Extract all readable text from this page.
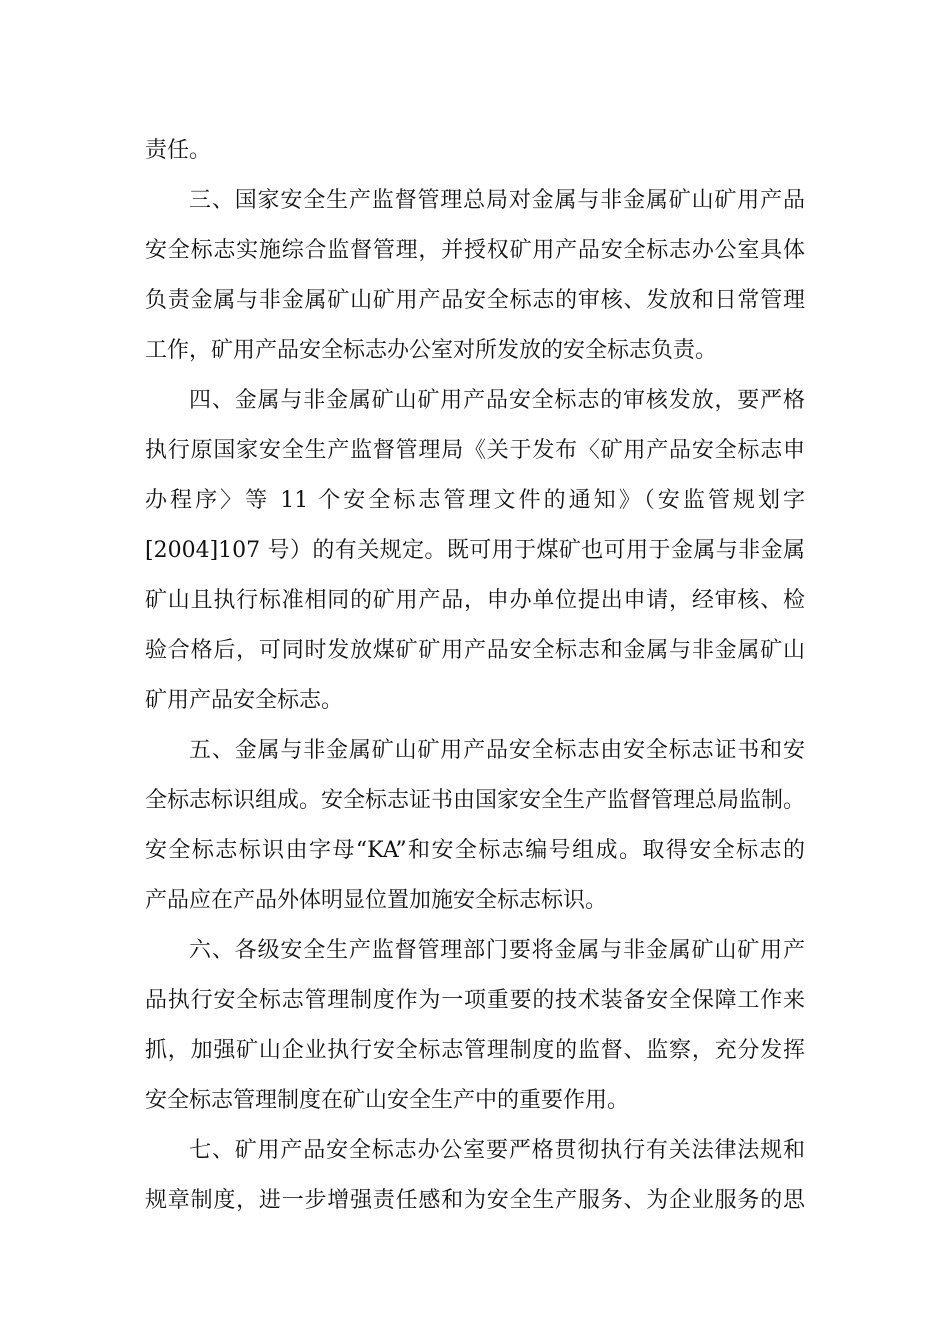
责任。
三、国家安全生产监督管理总局对金属与非金属矿山矿用产品
安全标志实施综合监督管理，并授权矿用产品安全标志办公室具体
负责金属与非金属矿山矿用产品安全标志的审核、发放和日常管理
工作，矿用产品安全标志办公室对所发放的安全标志负责。
四、金属与非金属矿山矿用产品安全标志的审核发放，要严格
执行原国家安全生产监督管理局《关于发布〈矿用产品安全标志申
办程序〉等 11 个安全标志管理文件的通知》（安监管规划字
[2004]107 号）的有关规定。既可用于煤矿也可用于金属与非金属
矿山且执行标准相同的矿用产品，申办单位提出申请，经审核、检
验合格后，可同时发放煤矿矿用产品安全标志和金属与非金属矿山
矿用产品安全标志。
五、金属与非金属矿山矿用产品安全标志由安全标志证书和安
全标志标识组成。安全标志证书由国家安全生产监督管理总局监制。
安全标志标识由字母“KA”和安全标志编号组成。取得安全标志的
产品应在产品外体明显位置加施安全标志标识。
六、各级安全生产监督管理部门要将金属与非金属矿山矿用产
品执行安全标志管理制度作为一项重要的技术装备安全保障工作来
抓，加强矿山企业执行安全标志管理制度的监督、监察，充分发挥
安全标志管理制度在矿山安全生产中的重要作用。
七、矿用产品安全标志办公室要严格贯彻执行有关法律法规和
规章制度，进一步增强责任感和为安全生产服务、为企业服务的思
